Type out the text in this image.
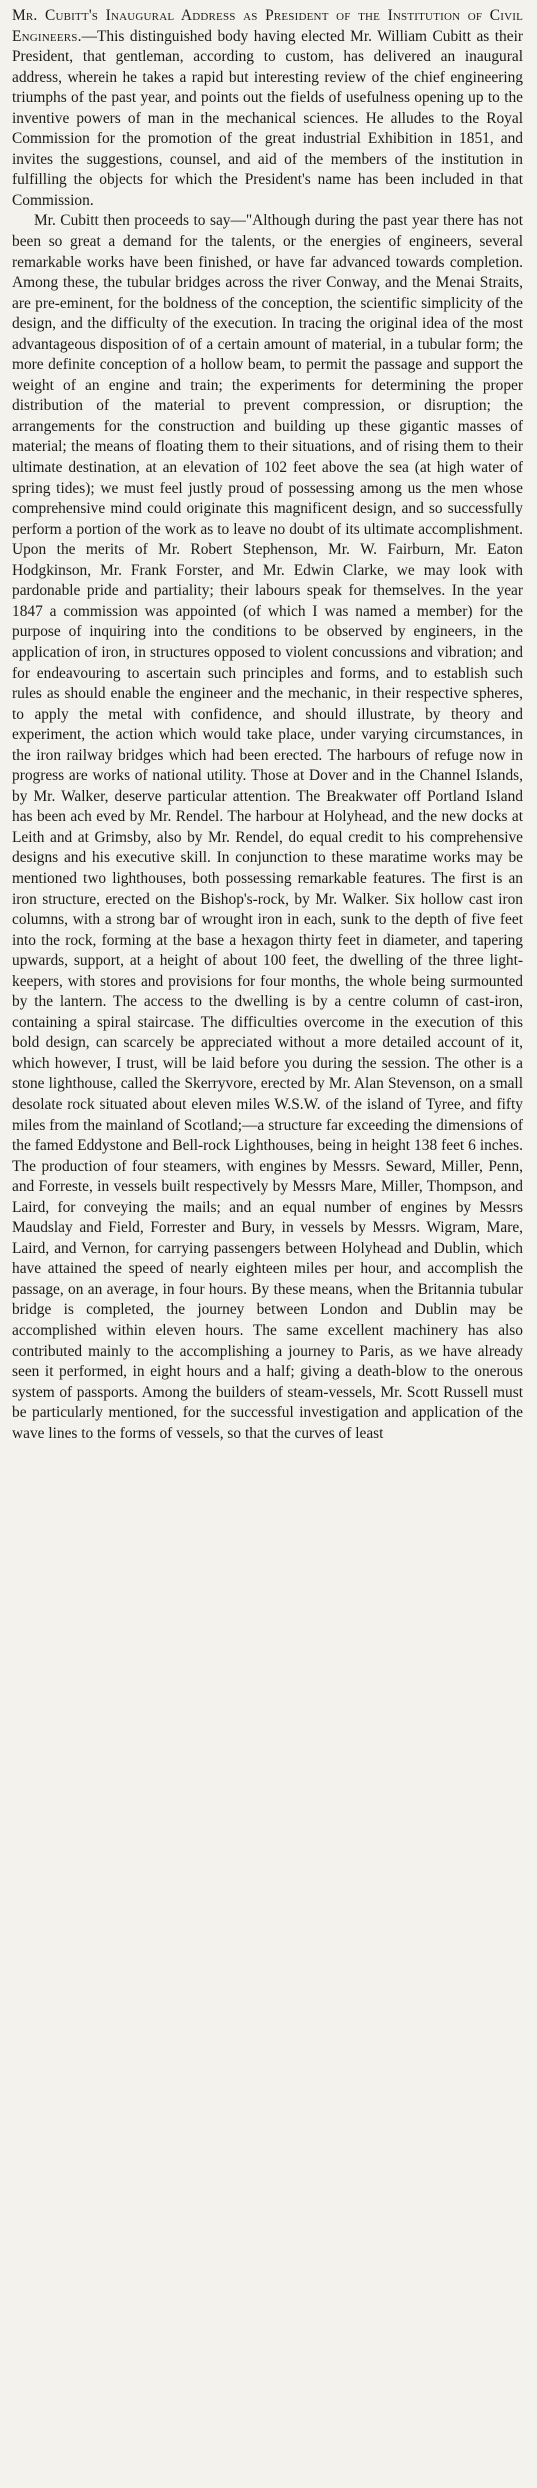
Mr. Cubitt's Inaugural Address as President of the Institution of Civil Engineers.—This distinguished body having elected Mr. William Cubitt as their President, that gentleman, according to custom, has delivered an inaugural address, wherein he takes a rapid but interesting review of the chief engineering triumphs of the past year, and points out the fields of usefulness opening up to the inventive powers of man in the mechanical sciences. He alludes to the Royal Commission for the promotion of the great industrial Exhibition in 1851, and invites the suggestions, counsel, and aid of the members of the institution in fulfilling the objects for which the President's name has been included in that Commission.

Mr. Cubitt then proceeds to say—"Although during the past year there has not been so great a demand for the talents, or the energies of engineers, several remarkable works have been finished, or have far advanced towards completion. Among these, the tubular bridges across the river Conway, and the Menai Straits, are pre-eminent, for the boldness of the conception, the scientific simplicity of the design, and the difficulty of the execution. In tracing the original idea of the most advantageous disposition of of a certain amount of material, in a tubular form; the more definite conception of a hollow beam, to permit the passage and support the weight of an engine and train; the experiments for determining the proper distribution of the material to prevent compression, or disruption; the arrangements for the construction and building up these gigantic masses of material; the means of floating them to their situations, and of rising them to their ultimate destination, at an elevation of 102 feet above the sea (at high water of spring tides); we must feel justly proud of possessing among us the men whose comprehensive mind could originate this magnificent design, and so successfully perform a portion of the work as to leave no doubt of its ultimate accomplishment. Upon the merits of Mr. Robert Stephenson, Mr. W. Fairburn, Mr. Eaton Hodgkinson, Mr. Frank Forster, and Mr. Edwin Clarke, we may look with pardonable pride and partiality; their labours speak for themselves. In the year 1847 a commission was appointed (of which I was named a member) for the purpose of inquiring into the conditions to be observed by engineers, in the application of iron, in structures opposed to violent concussions and vibration; and for endeavouring to ascertain such principles and forms, and to establish such rules as should enable the engineer and the mechanic, in their respective spheres, to apply the metal with confidence, and should illustrate, by theory and experiment, the action which would take place, under varying circumstances, in the iron railway bridges which had been erected. The harbours of refuge now in progress are works of national utility. Those at Dover and in the Channel Islands, by Mr. Walker, deserve particular attention. The Breakwater off Portland Island has been ach eved by Mr. Rendel. The harbour at Holyhead, and the new docks at Leith and at Grimsby, also by Mr. Rendel, do equal credit to his comprehensive designs and his executive skill. In conjunction to these maratime works may be mentioned two lighthouses, both possessing remarkable features. The first is an iron structure, erected on the Bishop's-rock, by Mr. Walker. Six hollow cast iron columns, with a strong bar of wrought iron in each, sunk to the depth of five feet into the rock, forming at the base a hexagon thirty feet in diameter, and tapering upwards, support, at a height of about 100 feet, the dwelling of the three light-keepers, with stores and provisions for four months, the whole being surmounted by the lantern. The access to the dwelling is by a centre column of cast-iron, containing a spiral staircase. The difficulties overcome in the execution of this bold design, can scarcely be appreciated without a more detailed account of it, which however, I trust, will be laid before you during the session. The other is a stone lighthouse, called the Skerryvore, erected by Mr. Alan Stevenson, on a small desolate rock situated about eleven miles W.S.W. of the island of Tyree, and fifty miles from the mainland of Scotland;—a structure far exceeding the dimensions of the famed Eddystone and Bell-rock Lighthouses, being in height 138 feet 6 inches. The production of four steamers, with engines by Messrs. Seward, Miller, Penn, and Forreste, in vessels built respectively by Messrs Mare, Miller, Thompson, and Laird, for conveying the mails; and an equal number of engines by Messrs Maudslay and Field, Forrester and Bury, in vessels by Messrs. Wigram, Mare, Laird, and Vernon, for carrying passengers between Holyhead and Dublin, which have attained the speed of nearly eighteen miles per hour, and accomplish the passage, on an average, in four hours. By these means, when the Britannia tubular bridge is completed, the journey between London and Dublin may be accomplished within eleven hours. The same excellent machinery has also contributed mainly to the accomplishing a journey to Paris, as we have already seen it performed, in eight hours and a half; giving a death-blow to the onerous system of passports. Among the builders of steam-vessels, Mr. Scott Russell must be particularly mentioned, for the successful investigation and application of the wave lines to the forms of vessels, so that the curves of least
